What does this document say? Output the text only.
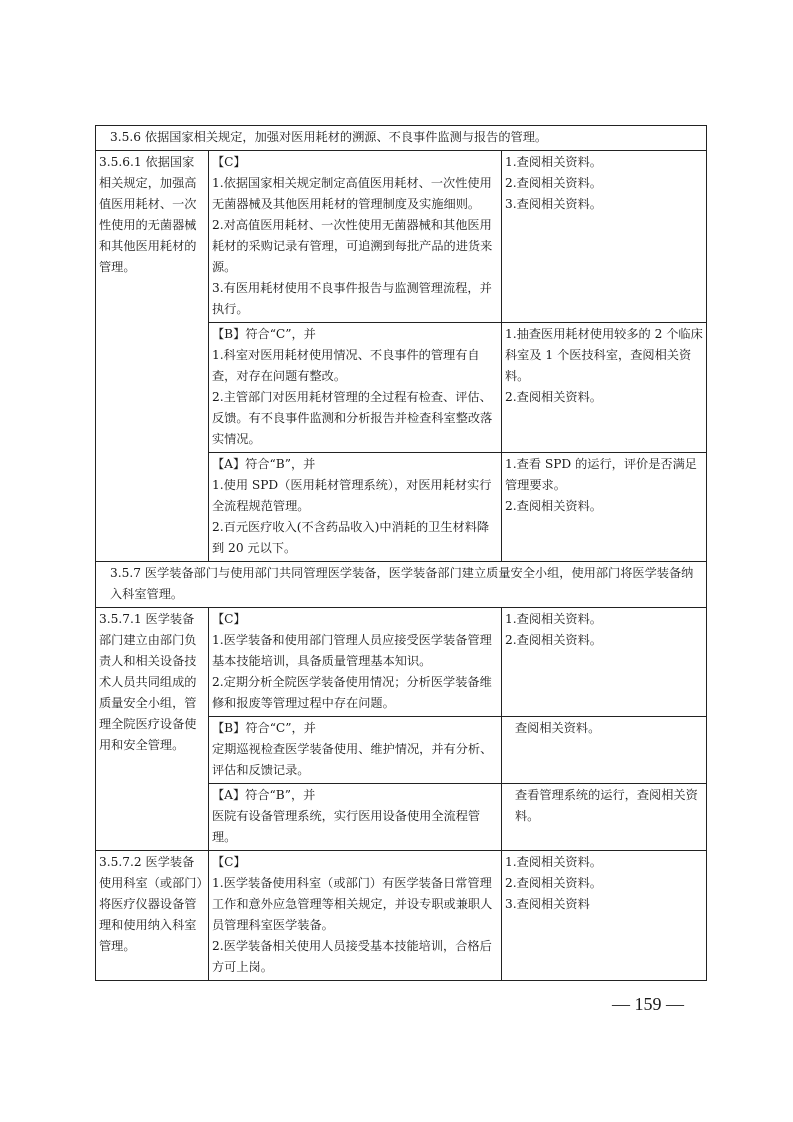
3.5.6 依据国家相关规定，加强对医用耗材的溯源、不良事件监测与报告的管理。		
3.5.6.1 依据国家相关规定，加强高值医用耗材、一次性使用的无菌器械和其他医用耗材的管理。	【C】
1.依据国家相关规定制定高值医用耗材、一次性使用无菌器械及其他医用耗材的管理制度及实施细则。
2.对高值医用耗材、一次性使用无菌器械和其他医用耗材的采购记录有管理，可追溯到每批产品的进货来源。
3.有医用耗材使用不良事件报告与监测管理流程，并执行。	1.查阅相关资料。
2.查阅相关资料。
3.查阅相关资料。

	【B】符合“C”，并
1.科室对医用耗材使用情况、不良事件的管理有自查，对存在问题有整改。
2.主管部门对医用耗材管理的全过程有检查、评估、反馈。有不良事件监测和分析报告并检查科室整改落实情况。	1.抽查医用耗材使用较多的 2 个临床科室及 1 个医技科室，查阅相关资料。
2.查阅相关资料。

	【A】符合“B”，并
1.使用 SPD（医用耗材管理系统），对医用耗材实行全流程规范管理。
2.百元医疗收入(不含药品收入)中消耗的卫生材料降到 20 元以下。	1.查看 SPD 的运行，评价是否满足管理要求。
2.查阅相关资料。

3.5.7 医学装备部门与使用部门共同管理医学装备，医学装备部门建立质量安全小组，使用部门将医学装备纳入科室管理。		
3.5.7.1 医学装备部门建立由部门负责人和相关设备技术人员共同组成的质量安全小组，管理全院医疗设备使用和安全管理。	【C】
1.医学装备和使用部门管理人员应接受医学装备管理基本技能培训，具备质量管理基本知识。
2.定期分析全院医学装备使用情况；分析医学装备维修和报废等管理过程中存在问题。	1.查阅相关资料。
2.查阅相关资料。

	【B】符合“C”，并
定期巡视检查医学装备使用、维护情况，并有分析、评估和反馈记录。	查阅相关资料。

	【A】符合“B”，并
医院有设备管理系统，实行医用设备使用全流程管理。	查看管理系统的运行，查阅相关资料。

3.5.7.2 医学装备使用科室（或部门）将医疗仪器设备管理和使用纳入科室管理。	【C】
1.医学装备使用科室（或部门）有医学装备日常管理工作和意外应急管理等相关规定，并设专职或兼职人员管理科室医学装备。
2.医学装备相关使用人员接受基本技能培训，合格后方可上岗。	1.查阅相关资料。
2.查阅相关资料。
3.查阅相关资料
— 159 —
